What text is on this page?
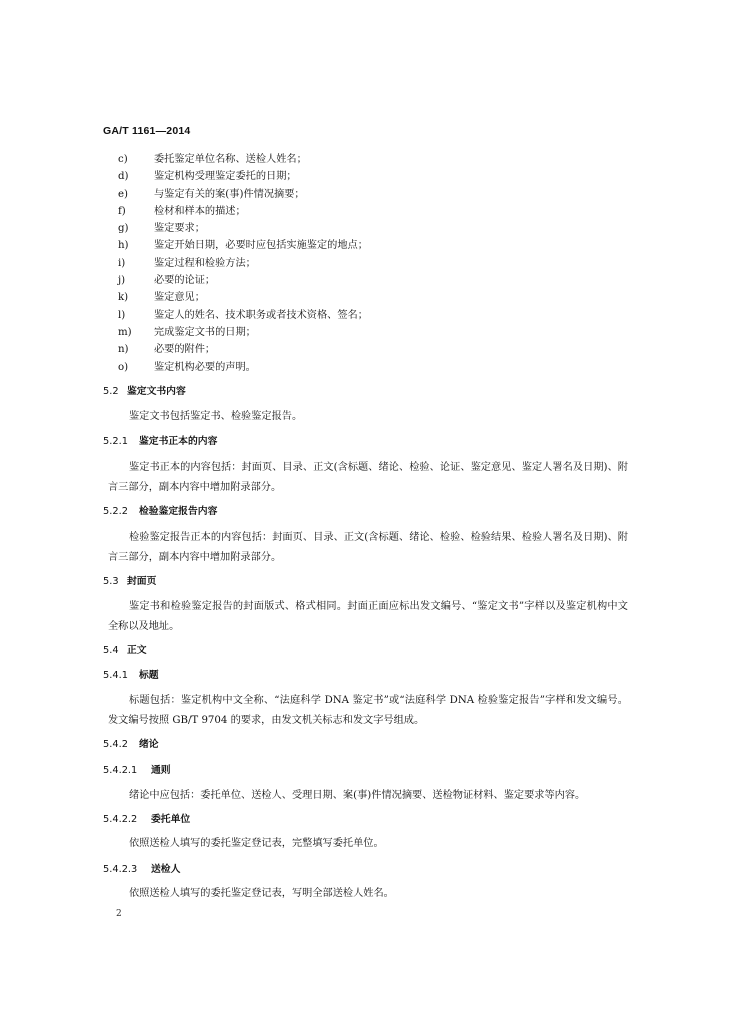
GA/T 1161—2014
c)	委托鉴定单位名称、送检人姓名；
d)	鉴定机构受理鉴定委托的日期；
e)	与鉴定有关的案(事)件情况摘要；
f)	检材和样本的描述；
g)	鉴定要求；
h) 鉴定开始日期，必要时应包括实施鉴定的地点；
i)	鉴定过程和检验方法；
j)	必要的论证；
k)	鉴定意见；
l)	鉴定人的姓名、技术职务或者技术资格、签名；
m) 完成鉴定文书的日期；
n) 必要的附件；
o)	鉴定机构必要的声明。
5.2 鉴定文书内容
鉴定文书包括鉴定书、检验鉴定报告。
5.2.1 鉴定书正本的内容
鉴定书正本的内容包括：封面页、目录、正文(含标题、绪论、检验、论证、鉴定意见、鉴定人署名及日期)、附言三部分，副本内容中增加附录部分。
5.2.2 检验鉴定报告内容
检验鉴定报告正本的内容包括：封面页、目录、正文(含标题、绪论、检验、检验结果、检验人署名及日期)、附言三部分，副本内容中增加附录部分。
5.3 封面页
鉴定书和检验鉴定报告的封面版式、格式相同。封面正面应标出发文编号、“鉴定文书”字样以及鉴定机构中文全称以及地址。
5.4 正文
5.4.1 标题
标题包括：鉴定机构中文全称、“法庭科学 DNA 鉴定书”或“法庭科学 DNA 检验鉴定报告”字样和发文编号。发文编号按照 GB/T 9704 的要求，由发文机关标志和发文字号组成。
5.4.2 绪论
5.4.2.1 通则
绪论中应包括：委托单位、送检人、受理日期、案(事)件情况摘要、送检物证材料、鉴定要求等内容。
5.4.2.2 委托单位
依照送检人填写的委托鉴定登记表，完整填写委托单位。
5.4.2.3 送检人
依照送检人填写的委托鉴定登记表，写明全部送检人姓名。
2
